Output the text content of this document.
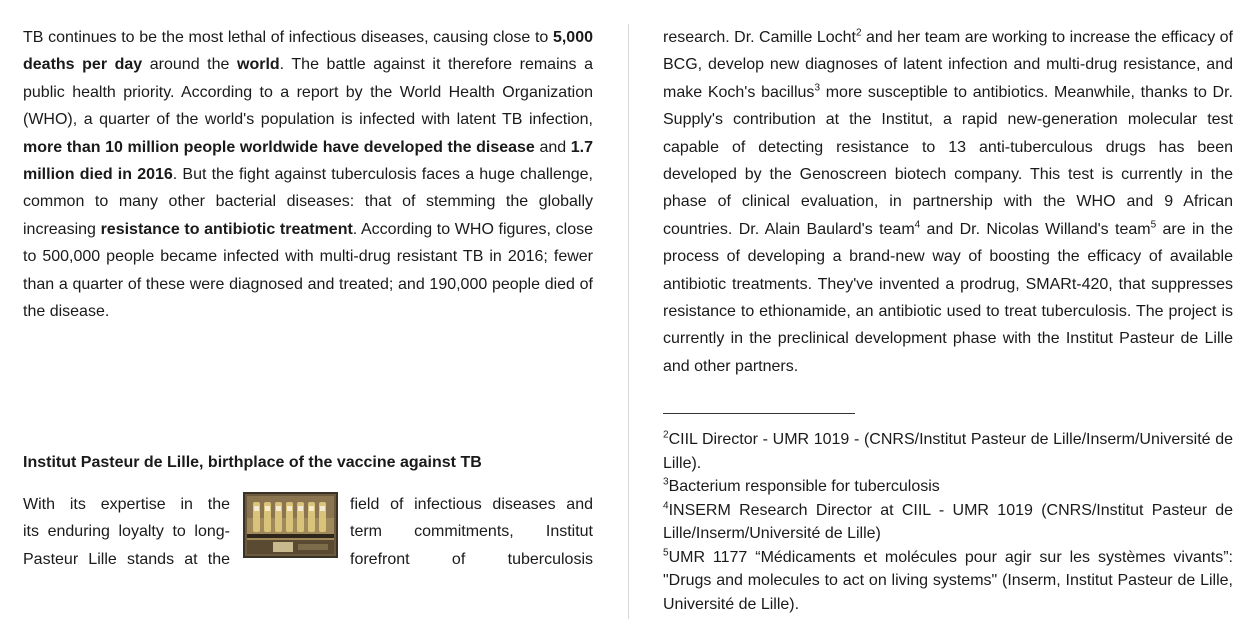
TB continues to be the most lethal of infectious diseases, causing close to 5,000 deaths per day around the world. The battle against it therefore remains a public health priority. According to a report by the World Health Organization (WHO), a quarter of the world's population is infected with latent TB infection, more than 10 million people worldwide have developed the disease and 1.7 million died in 2016. But the fight against tuberculosis faces a huge challenge, common to many other bacterial diseases: that of stemming the globally increasing resistance to antibiotic treatment. According to WHO figures, close to 500,000 people became infected with multi-drug resistant TB in 2016; fewer than a quarter of these were diagnosed and treated; and 190,000 people died of the disease.

Institut Pasteur de Lille, birthplace of the vaccine against TB
With its expertise in the
its enduring loyalty to long-
Pasteur Lille stands at the
field of infectious diseases and
term commitments, Institut
forefront of tuberculosis

research. Dr. Camille Locht$^2$ and her team are working to increase the efficacy of BCG, develop new diagnoses of latent infection and multi-drug resistance, and make Koch's bacillus$^3$ more susceptible to antibiotics. Meanwhile, thanks to Dr. Supply's contribution at the Institut, a rapid new-generation molecular test capable of detecting resistance to 13 anti-tuberculous drugs has been developed by the Genoscreen biotech company. This test is currently in the phase of clinical evaluation, in partnership with the WHO and 9 African countries. Dr. Alain Baulard's team$^4$ and Dr. Nicolas Willand's team$^5$ are in the process of developing a brand-new way of boosting the efficacy of available antibiotic treatments. They've invented a prodrug, SMARt-420, that suppresses resistance to ethionamide, an antibiotic used to treat tuberculosis. The project is currently in the preclinical development phase with the Institut Pasteur de Lille and other partners.

$^2$CIIL Director - UMR 1019 - (CNRS/Institut Pasteur de Lille/Inserm/Université de Lille).

$^3$Bacterium responsible for tuberculosis

$^4$INSERM Research Director at CIIL - UMR 1019 (CNRS/Institut Pasteur de Lille/Inserm/Université de Lille)

$^5$UMR 1177 “Médicaments et molécules pour agir sur les systèmes vivants”: "Drugs and molecules to act on living systems" (Inserm, Institut Pasteur de Lille, Université de Lille).
